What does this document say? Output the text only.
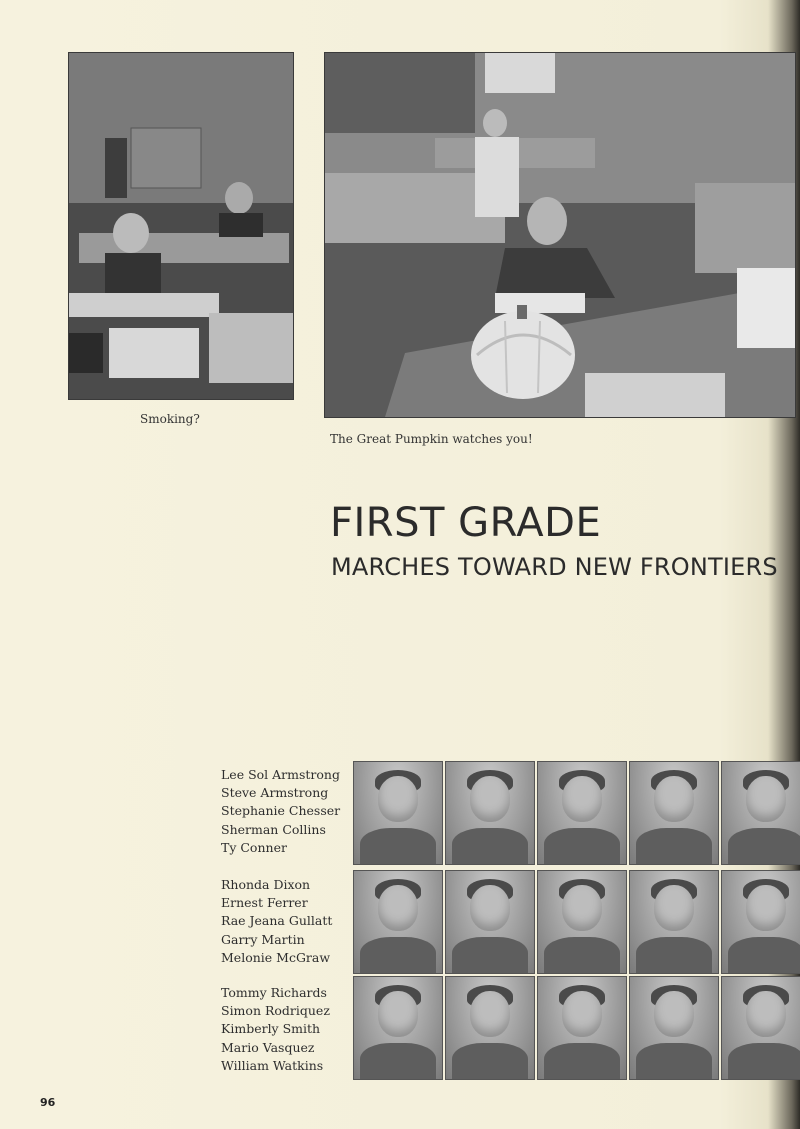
Smoking?
The Great Pumpkin watches you!
FIRST GRADE
MARCHES TOWARD NEW FRONTIERS
Lee Sol Armstrong
Steve Armstrong
Stephanie Chesser
Sherman Collins
Ty Conner
Rhonda Dixon
Ernest Ferrer
Rae Jeana Gullatt
Garry Martin
Melonie McGraw
Tommy Richards
Simon Rodriquez
Kimberly Smith
Mario Vasquez
William Watkins
96
